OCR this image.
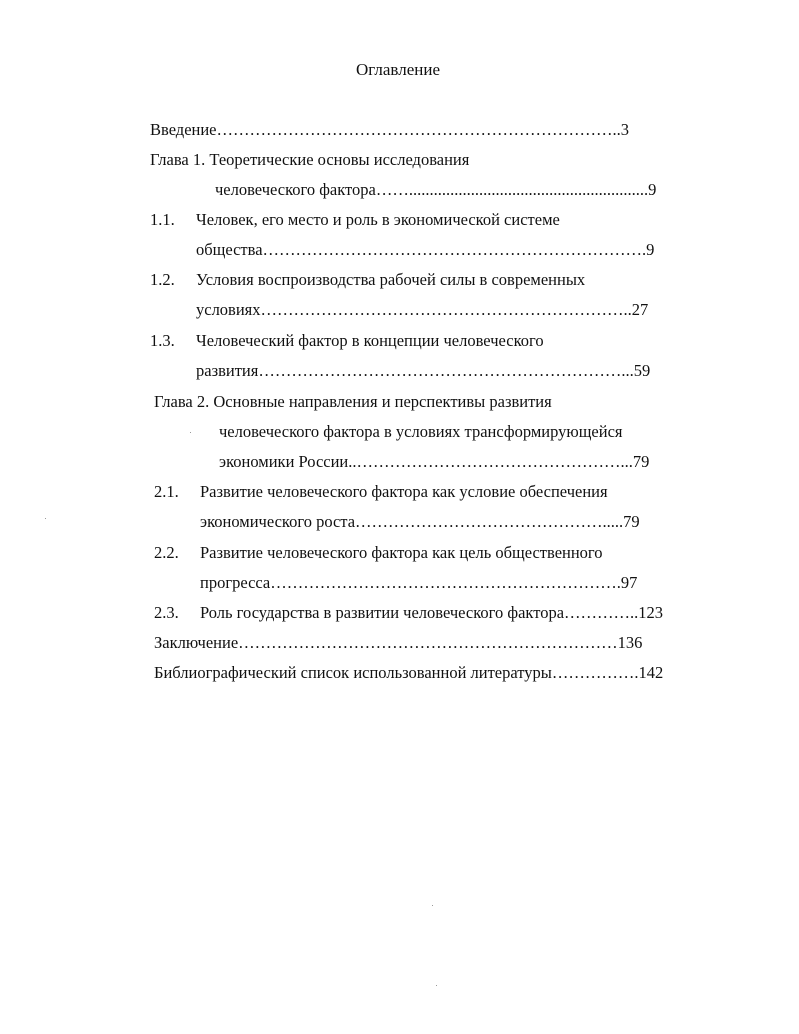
Оглавление
Введение………………………………………………………………..3
Глава 1. Теоретические основы исследования
человеческого фактора……..........................................................9
1.1. Человек, его место и роль в экономической системе
общества…………………………………………………………….9
1.2. Условия воспроизводства рабочей силы в современных
условиях…………………………………………………………..27
1.3. Человеческий фактор в концепции человеческого
развития…………………………………………………………...59
Глава 2. Основные направления и перспективы развития
человеческого фактора в условиях трансформирующейся
экономики России..…………………………………………...79
2.1. Развитие человеческого фактора как условие обеспечения
экономического роста……………………………………….....79
2.2. Развитие человеческого фактора как цель общественного
прогресса……………………………………………………….97
2.3. Роль государства в развитии человеческого фактора…………..123
Заключение……………………………………………………………136
Библиографический список использованной литературы…………….142
